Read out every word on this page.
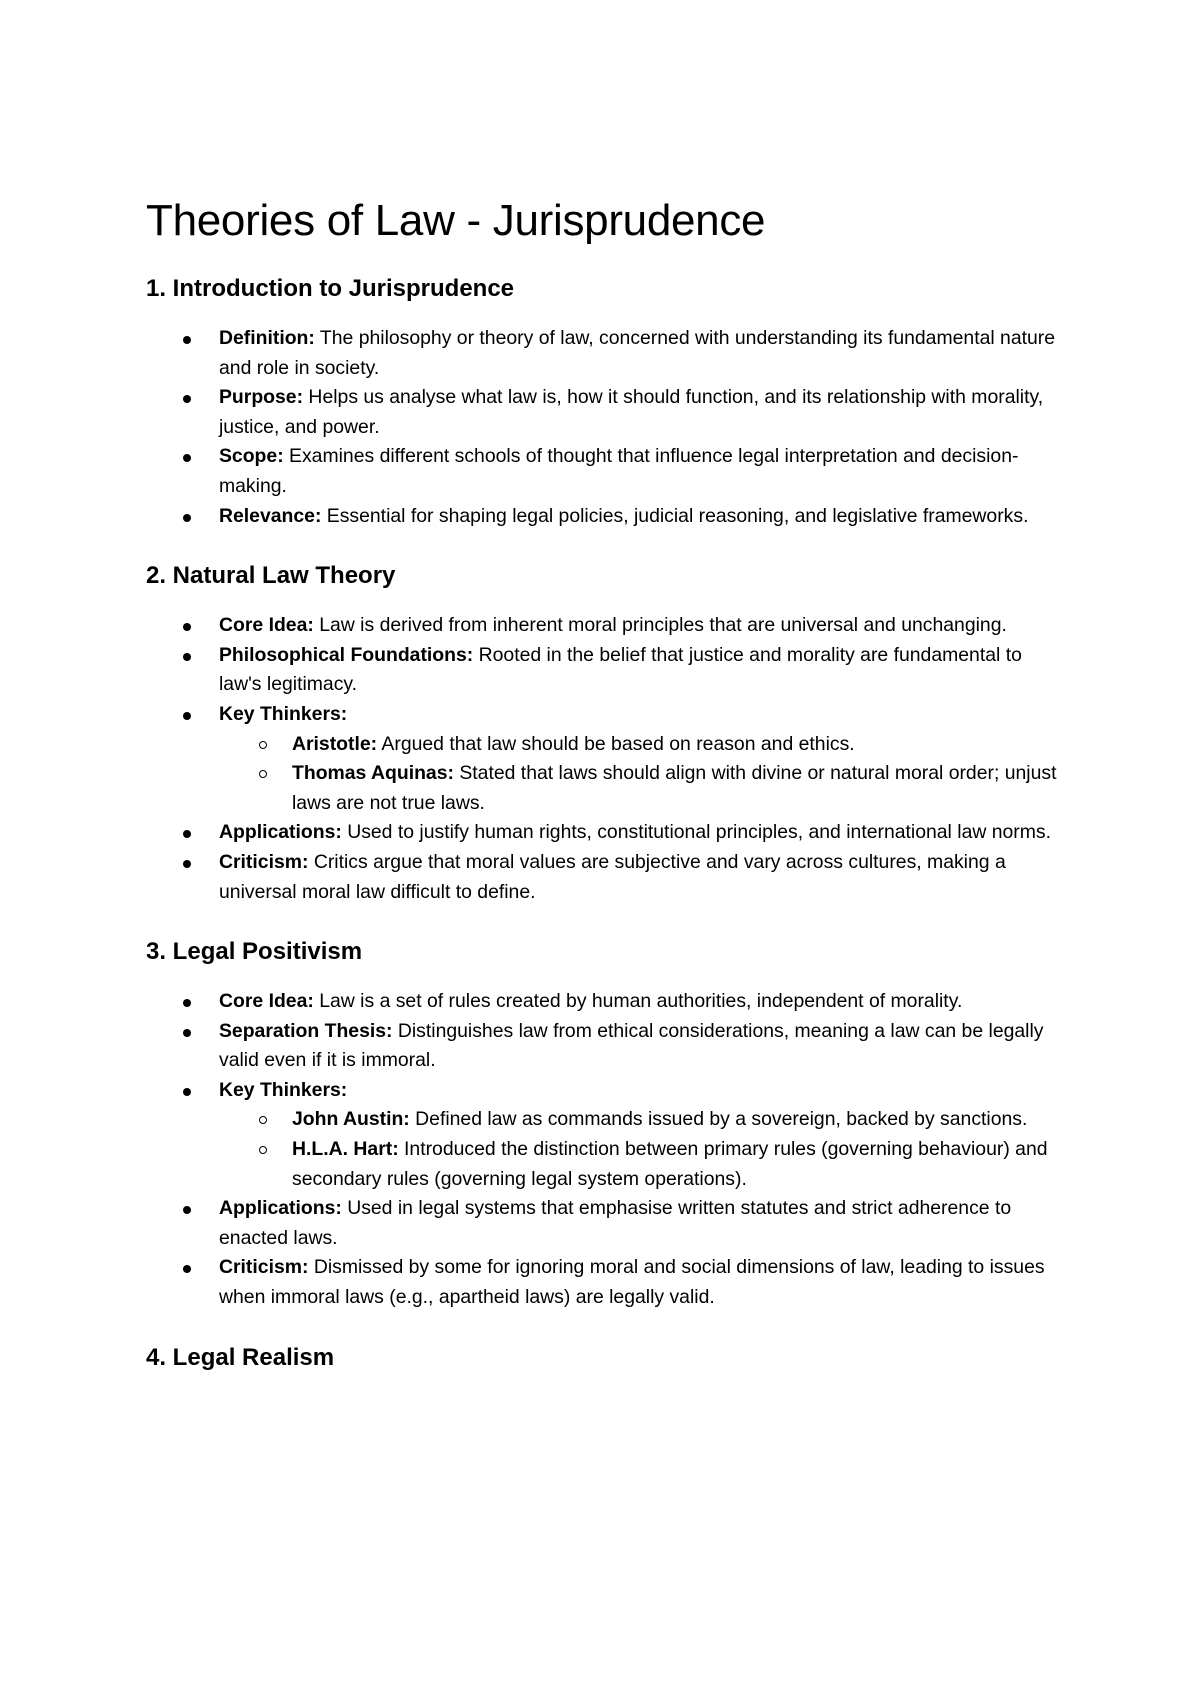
Theories of Law - Jurisprudence
1. Introduction to Jurisprudence
Definition: The philosophy or theory of law, concerned with understanding its fundamental nature and role in society.
Purpose: Helps us analyse what law is, how it should function, and its relationship with morality, justice, and power.
Scope: Examines different schools of thought that influence legal interpretation and decision-making.
Relevance: Essential for shaping legal policies, judicial reasoning, and legislative frameworks.
2. Natural Law Theory
Core Idea: Law is derived from inherent moral principles that are universal and unchanging.
Philosophical Foundations: Rooted in the belief that justice and morality are fundamental to law's legitimacy.
Key Thinkers:
Aristotle: Argued that law should be based on reason and ethics.
Thomas Aquinas: Stated that laws should align with divine or natural moral order; unjust laws are not true laws.
Applications: Used to justify human rights, constitutional principles, and international law norms.
Criticism: Critics argue that moral values are subjective and vary across cultures, making a universal moral law difficult to define.
3. Legal Positivism
Core Idea: Law is a set of rules created by human authorities, independent of morality.
Separation Thesis: Distinguishes law from ethical considerations, meaning a law can be legally valid even if it is immoral.
Key Thinkers:
John Austin: Defined law as commands issued by a sovereign, backed by sanctions.
H.L.A. Hart: Introduced the distinction between primary rules (governing behaviour) and secondary rules (governing legal system operations).
Applications: Used in legal systems that emphasise written statutes and strict adherence to enacted laws.
Criticism: Dismissed by some for ignoring moral and social dimensions of law, leading to issues when immoral laws (e.g., apartheid laws) are legally valid.
4. Legal Realism
